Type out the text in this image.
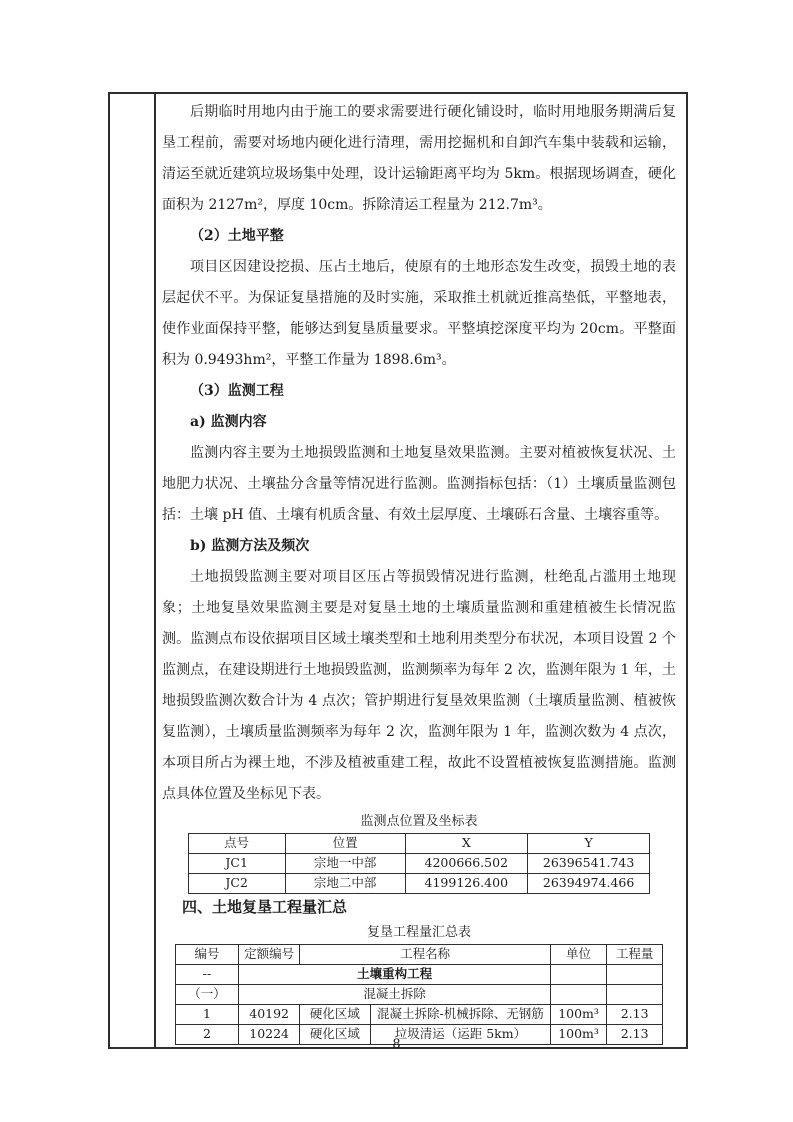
后期临时用地内由于施工的要求需要进行硬化铺设时，临时用地服务期满后复垦工程前，需要对场地内硬化进行清理，需用挖掘机和自卸汽车集中装载和运输，清运至就近建筑垃圾场集中处理，设计运输距离平均为 5km。根据现场调查，硬化面积为 2127m²，厚度 10cm。拆除清运工程量为 212.7m³。

（2）土地平整

项目区因建设挖损、压占土地后，使原有的土地形态发生改变，损毁土地的表层起伏不平。为保证复垦措施的及时实施，采取推土机就近推高垫低，平整地表，使作业面保持平整，能够达到复垦质量要求。平整填挖深度平均为 20cm。平整面积为 0.9493hm²，平整工作量为 1898.6m³。

（3）监测工程

a) 监测内容

监测内容主要为土地损毁监测和土地复垦效果监测。主要对植被恢复状况、土地肥力状况、土壤盐分含量等情况进行监测。监测指标包括：（1）土壤质量监测包括：土壤 pH 值、土壤有机质含量、有效土层厚度、土壤砾石含量、土壤容重等。

b) 监测方法及频次

土地损毁监测主要对项目区压占等损毁情况进行监测，杜绝乱占滥用土地现象；土地复垦效果监测主要是对复垦土地的土壤质量监测和重建植被生长情况监测。监测点布设依据项目区域土壤类型和土地利用类型分布状况，本项目设置 2 个监测点，在建设期进行土地损毁监测，监测频率为每年 2 次，监测年限为 1 年，土地损毁监测次数合计为 4 点次；管护期进行复垦效果监测（土壤质量监测、植被恢复监测），土壤质量监测频率为每年 2 次，监测年限为 1 年，监测次数为 4 点次，本项目所占为裸土地，不涉及植被重建工程，故此不设置植被恢复监测措施。监测点具体位置及坐标见下表。

监测点位置及坐标表
点号	位置	X	Y
JC1	宗地一中部	4200666.502	26396541.743
JC2	宗地二中部	4199126.400	26394974.466
四、土地复垦工程量汇总
复垦工程量汇总表
编号	定额编号	工程名称		单位	工程量
--	土壤重构工程				
（一）	混凝土拆除				
1	40192	硬化区域	混凝土拆除-机械拆除、无钢筋	100m³	2.13
2	10224	硬化区域	垃圾清运（运距 5km）	100m³	2.13
8
